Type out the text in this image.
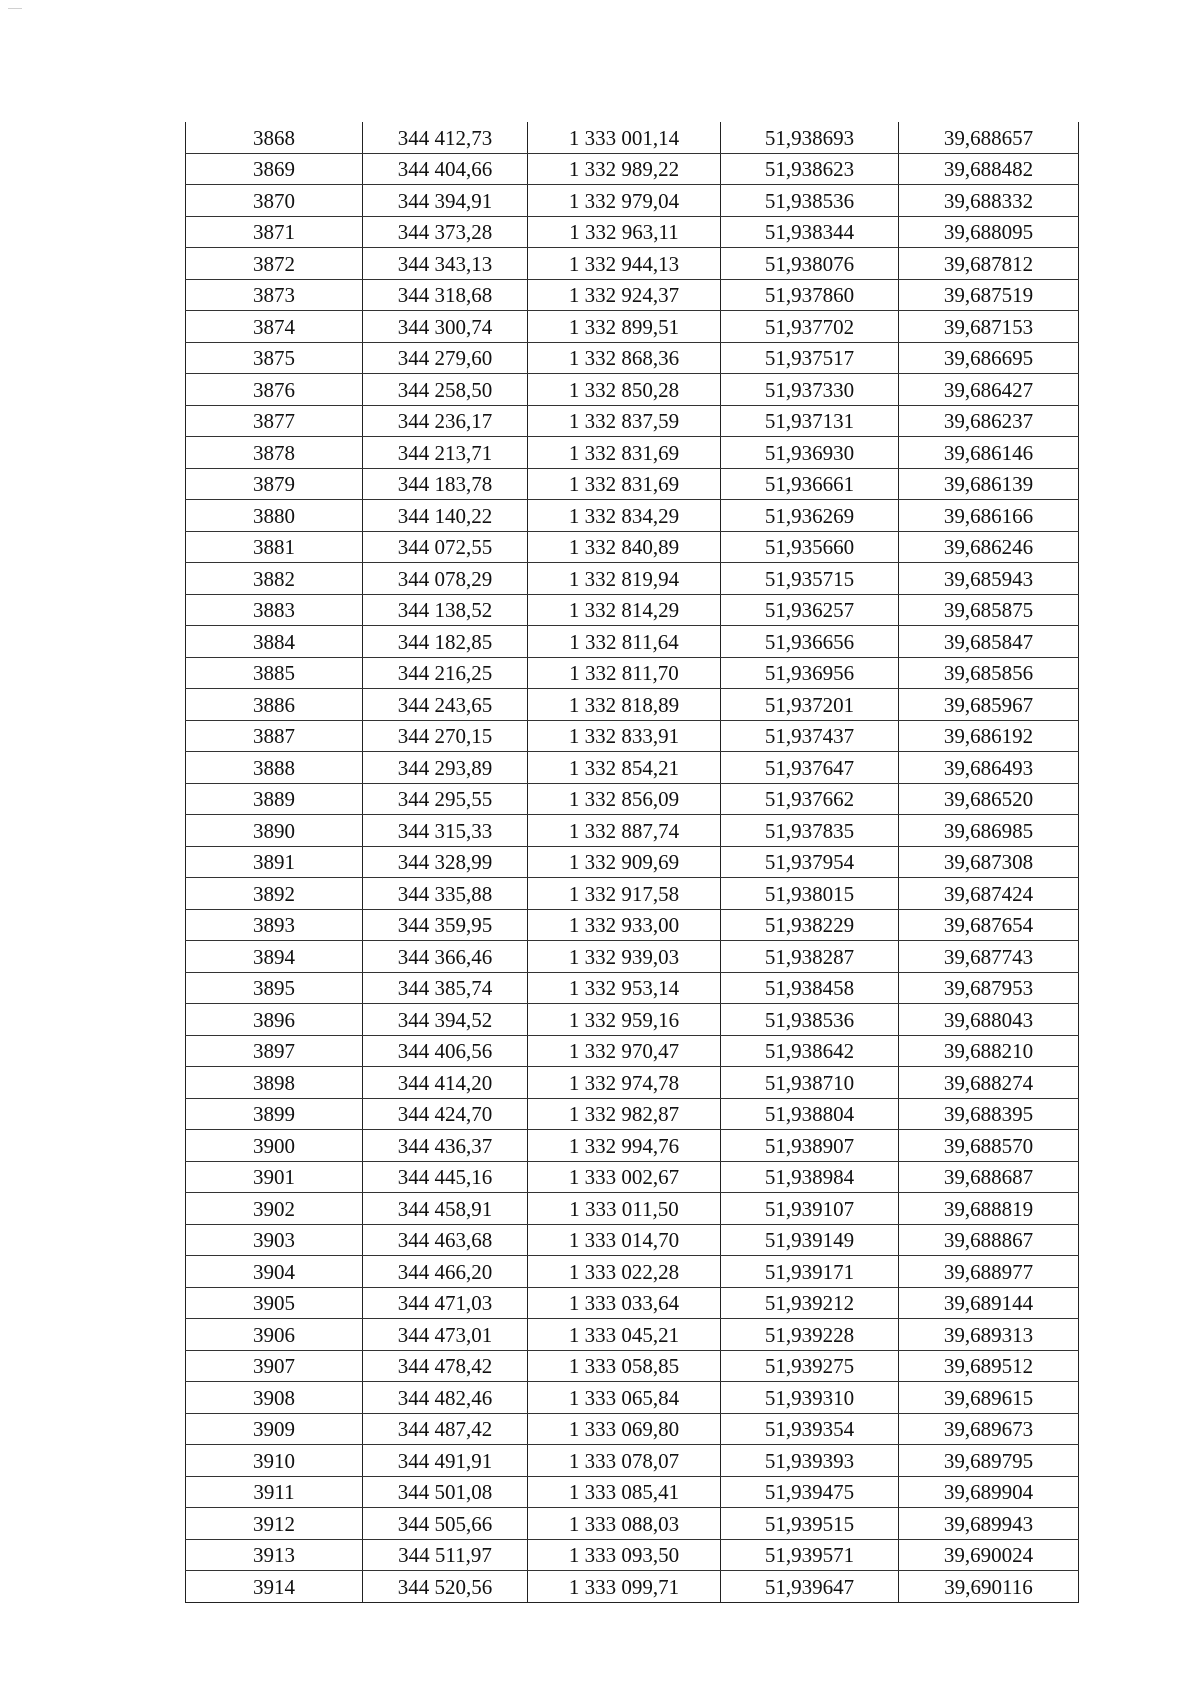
3868	344 412,73	1 333 001,14	51,938693	39,688657
3869	344 404,66	1 332 989,22	51,938623	39,688482
3870	344 394,91	1 332 979,04	51,938536	39,688332
3871	344 373,28	1 332 963,11	51,938344	39,688095
3872	344 343,13	1 332 944,13	51,938076	39,687812
3873	344 318,68	1 332 924,37	51,937860	39,687519
3874	344 300,74	1 332 899,51	51,937702	39,687153
3875	344 279,60	1 332 868,36	51,937517	39,686695
3876	344 258,50	1 332 850,28	51,937330	39,686427
3877	344 236,17	1 332 837,59	51,937131	39,686237
3878	344 213,71	1 332 831,69	51,936930	39,686146
3879	344 183,78	1 332 831,69	51,936661	39,686139
3880	344 140,22	1 332 834,29	51,936269	39,686166
3881	344 072,55	1 332 840,89	51,935660	39,686246
3882	344 078,29	1 332 819,94	51,935715	39,685943
3883	344 138,52	1 332 814,29	51,936257	39,685875
3884	344 182,85	1 332 811,64	51,936656	39,685847
3885	344 216,25	1 332 811,70	51,936956	39,685856
3886	344 243,65	1 332 818,89	51,937201	39,685967
3887	344 270,15	1 332 833,91	51,937437	39,686192
3888	344 293,89	1 332 854,21	51,937647	39,686493
3889	344 295,55	1 332 856,09	51,937662	39,686520
3890	344 315,33	1 332 887,74	51,937835	39,686985
3891	344 328,99	1 332 909,69	51,937954	39,687308
3892	344 335,88	1 332 917,58	51,938015	39,687424
3893	344 359,95	1 332 933,00	51,938229	39,687654
3894	344 366,46	1 332 939,03	51,938287	39,687743
3895	344 385,74	1 332 953,14	51,938458	39,687953
3896	344 394,52	1 332 959,16	51,938536	39,688043
3897	344 406,56	1 332 970,47	51,938642	39,688210
3898	344 414,20	1 332 974,78	51,938710	39,688274
3899	344 424,70	1 332 982,87	51,938804	39,688395
3900	344 436,37	1 332 994,76	51,938907	39,688570
3901	344 445,16	1 333 002,67	51,938984	39,688687
3902	344 458,91	1 333 011,50	51,939107	39,688819
3903	344 463,68	1 333 014,70	51,939149	39,688867
3904	344 466,20	1 333 022,28	51,939171	39,688977
3905	344 471,03	1 333 033,64	51,939212	39,689144
3906	344 473,01	1 333 045,21	51,939228	39,689313
3907	344 478,42	1 333 058,85	51,939275	39,689512
3908	344 482,46	1 333 065,84	51,939310	39,689615
3909	344 487,42	1 333 069,80	51,939354	39,689673
3910	344 491,91	1 333 078,07	51,939393	39,689795
3911	344 501,08	1 333 085,41	51,939475	39,689904
3912	344 505,66	1 333 088,03	51,939515	39,689943
3913	344 511,97	1 333 093,50	51,939571	39,690024
3914	344 520,56	1 333 099,71	51,939647	39,690116
